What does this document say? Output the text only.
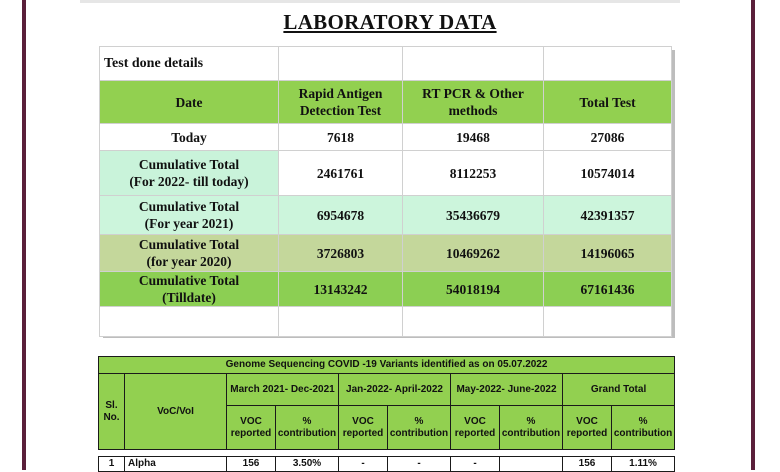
LABORATORY DATA
Test done details			
Date	Rapid Antigen Detection Test	RT PCR & Other methods	Total Test
Today	7618	19468	27086

Cumulative Total
(For 2022- till today)	2461761	8112253	10574014

Cumulative Total
(For year 2021)	6954678	35436679	42391357

Cumulative Total
(for year 2020)	3726803	10469262	14196065

Cumulative Total
(Tilldate)	13143242	54018194	67161436

Genome Sequencing COVID -19 Variants identified as on 05.07.2022									
Sl. No.	VoC/VoI	March 2021- Dec-2021		Jan-2022- April-2022		May-2022- June-2022		Grand Total	
		VOC reported	% contribution	VOC reported	% contribution	VOC reported	% contribution	VOC reported	% contribution

1	Alpha	156	3.50%	-	-	-		156	1.11%
